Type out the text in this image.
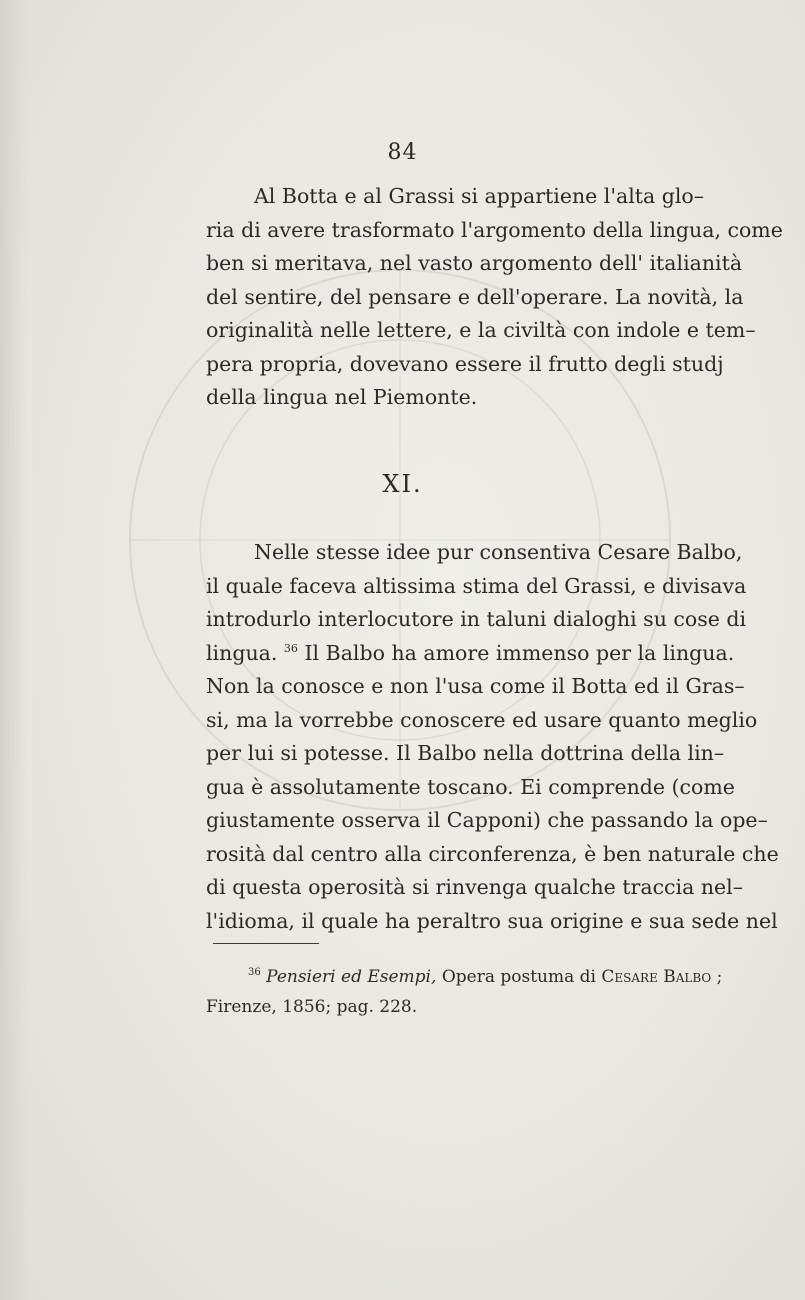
84

Al Botta e al Grassi si appartiene l'alta glo–
ria di avere trasformato l'argomento della lingua, come
ben si meritava, nel vasto argomento dell' italianità
del sentire, del pensare e dell'operare. La novità, la
originalità nelle lettere, e la civiltà con indole e tem–
pera propria, dovevano essere il frutto degli studj
della lingua nel Piemonte.

XI.

Nelle stesse idee pur consentiva Cesare Balbo,
il quale faceva altissima stima del Grassi, e divisava
introdurlo interlocutore in taluni dialoghi su cose di
lingua. $^{36}$ Il Balbo ha amore immenso per la lingua.
Non la conosce e non l'usa come il Botta ed il Gras–
si, ma la vorrebbe conoscere ed usare quanto meglio
per lui si potesse. Il Balbo nella dottrina della lin–
gua è assolutamente toscano. Ei comprende (come
giustamente osserva il Capponi) che passando la ope–
rosità dal centro alla circonferenza, è ben naturale che
di questa operosità si rinvenga qualche traccia nel–
l'idioma, il quale ha peraltro sua origine e sua sede nel

$^{36}$ Pensieri ed Esempi, Opera postuma di Cesare Balbo ;
Firenze, 1856; pag. 228.
